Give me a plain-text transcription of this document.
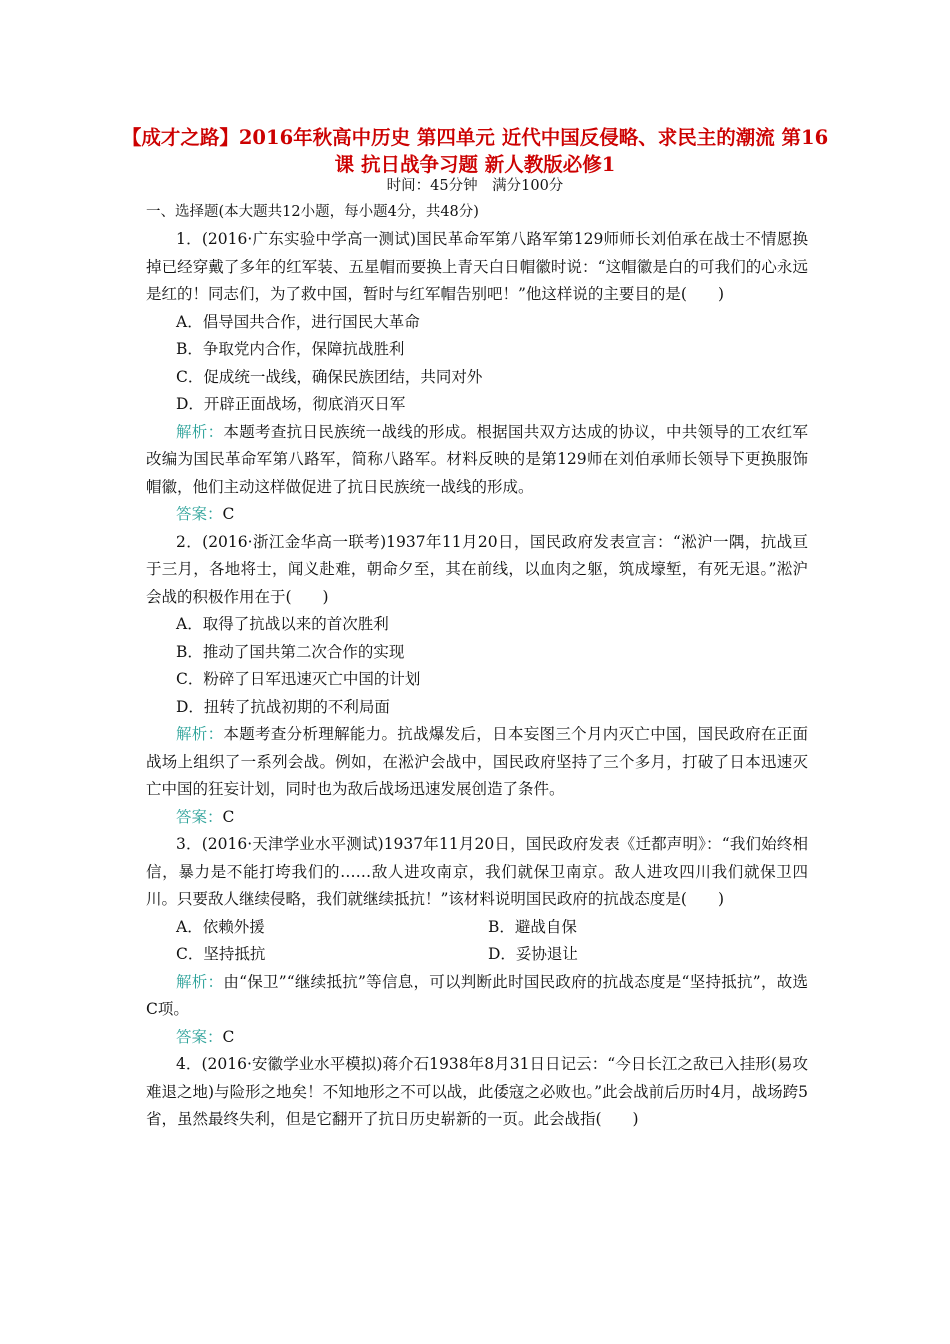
【成才之路】2016年秋高中历史 第四单元 近代中国反侵略、求民主的潮流 第16课 抗日战争习题 新人教版必修1
时间：45分钟　满分100分
一、选择题(本大题共12小题，每小题4分，共48分)

1．(2016·广东实验中学高一测试)国民革命军第八路军第129师师长刘伯承在战士不情愿换掉已经穿戴了多年的红军装、五星帽而要换上青天白日帽徽时说：“这帽徽是白的可我们的心永远是红的！同志们，为了救中国，暂时与红军帽告别吧！”他这样说的主要目的是(　　)

A．倡导国共合作，进行国民大革命

B．争取党内合作，保障抗战胜利

C．促成统一战线，确保民族团结，共同对外

D．开辟正面战场，彻底消灭日军

解析：本题考查抗日民族统一战线的形成。根据国共双方达成的协议，中共领导的工农红军改编为国民革命军第八路军，简称八路军。材料反映的是第129师在刘伯承师长领导下更换服饰帽徽，他们主动这样做促进了抗日民族统一战线的形成。

答案：C

2．(2016·浙江金华高一联考)1937年11月20日，国民政府发表宣言：“淞沪一隅，抗战亘于三月，各地将士，闻义赴难，朝命夕至，其在前线，以血肉之躯，筑成壕堑，有死无退。”淞沪会战的积极作用在于(　　)

A．取得了抗战以来的首次胜利

B．推动了国共第二次合作的实现

C．粉碎了日军迅速灭亡中国的计划

D．扭转了抗战初期的不利局面

解析：本题考查分析理解能力。抗战爆发后，日本妄图三个月内灭亡中国，国民政府在正面战场上组织了一系列会战。例如，在淞沪会战中，国民政府坚持了三个多月，打破了日本迅速灭亡中国的狂妄计划，同时也为敌后战场迅速发展创造了条件。

答案：C

3．(2016·天津学业水平测试)1937年11月20日，国民政府发表《迁都声明》：“我们始终相信，暴力是不能打垮我们的……敌人进攻南京，我们就保卫南京。敌人进攻四川我们就保卫四川。只要敌人继续侵略，我们就继续抵抗！”该材料说明国民政府的抗战态度是(　　)

A．依赖外援	B．避战自保
C．坚持抵抗	D．妥协退让

解析：由“保卫”“继续抵抗”等信息，可以判断此时国民政府的抗战态度是“坚持抵抗”，故选C项。

答案：C

4．(2016·安徽学业水平模拟)蒋介石1938年8月31日日记云：“今日长江之敌已入挂形(易攻难退之地)与险形之地矣！不知地形之不可以战，此倭寇之必败也。”此会战前后历时4月，战场跨5省，虽然最终失利，但是它翻开了抗日历史崭新的一页。此会战指(　　)
